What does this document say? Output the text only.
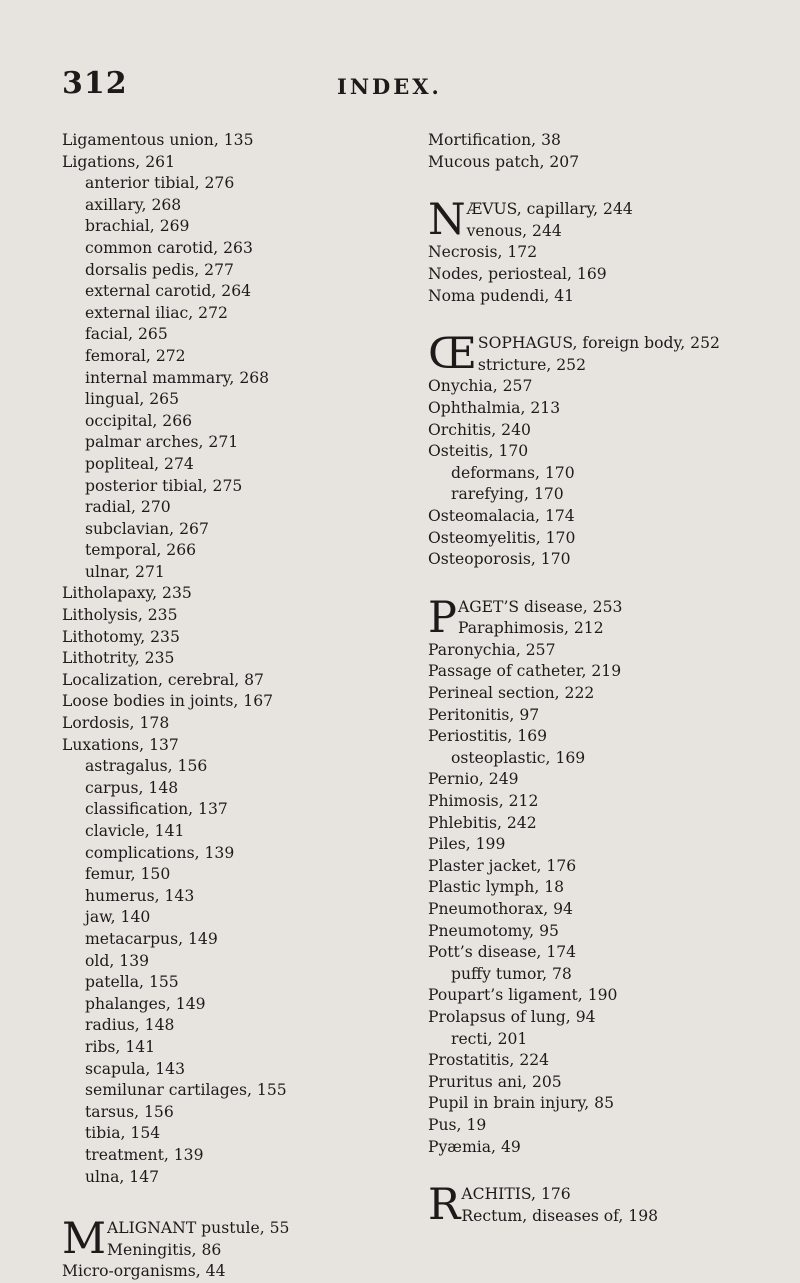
312	INDEX.
Ligamentous union, 135
Ligations, 261
anterior tibial, 276
axillary, 268
brachial, 269
common carotid, 263
dorsalis pedis, 277
external carotid, 264
external iliac, 272
facial, 265
femoral, 272
internal mammary, 268
lingual, 265
occipital, 266
palmar arches, 271
popliteal, 274
posterior tibial, 275
radial, 270
subclavian, 267
temporal, 266
ulnar, 271
Litholapaxy, 235
Litholysis, 235
Lithotomy, 235
Lithotrity, 235
Localization, cerebral, 87
Loose bodies in joints, 167
Lordosis, 178
Luxations, 137
astragalus, 156
carpus, 148
classification, 137
clavicle, 141
complications, 139
femur, 150
humerus, 143
jaw, 140
metacarpus, 149
old, 139
patella, 155
phalanges, 149
radius, 148
ribs, 141
scapula, 143
semilunar cartilages, 155
tarsus, 156
tibia, 154
treatment, 139
ulna, 147
M ALIGNANT pustule, 55
Meningitis, 86
Micro-organisms, 44
Mortification, 38
Mucous patch, 207
N ÆVUS, capillary, 244
venous, 244
Necrosis, 172
Nodes, periosteal, 169
Noma pudendi, 41
Œ SOPHAGUS, foreign body, 252
stricture, 252
Onychia, 257
Ophthalmia, 213
Orchitis, 240
Osteitis, 170
deformans, 170
rarefying, 170
Osteomalacia, 174
Osteomyelitis, 170
Osteoporosis, 170
P AGET’S disease, 253
Paraphimosis, 212
Paronychia, 257
Passage of catheter, 219
Perineal section, 222
Peritonitis, 97
Periostitis, 169
osteoplastic, 169
Pernio, 249
Phimosis, 212
Phlebitis, 242
Piles, 199
Plaster jacket, 176
Plastic lymph, 18
Pneumothorax, 94
Pneumotomy, 95
Pott’s disease, 174
puffy tumor, 78
Poupart’s ligament, 190
Prolapsus of lung, 94
recti, 201
Prostatitis, 224
Pruritus ani, 205
Pupil in brain injury, 85
Pus, 19
Pyæmia, 49
R ACHITIS, 176
Rectum, diseases of, 198
